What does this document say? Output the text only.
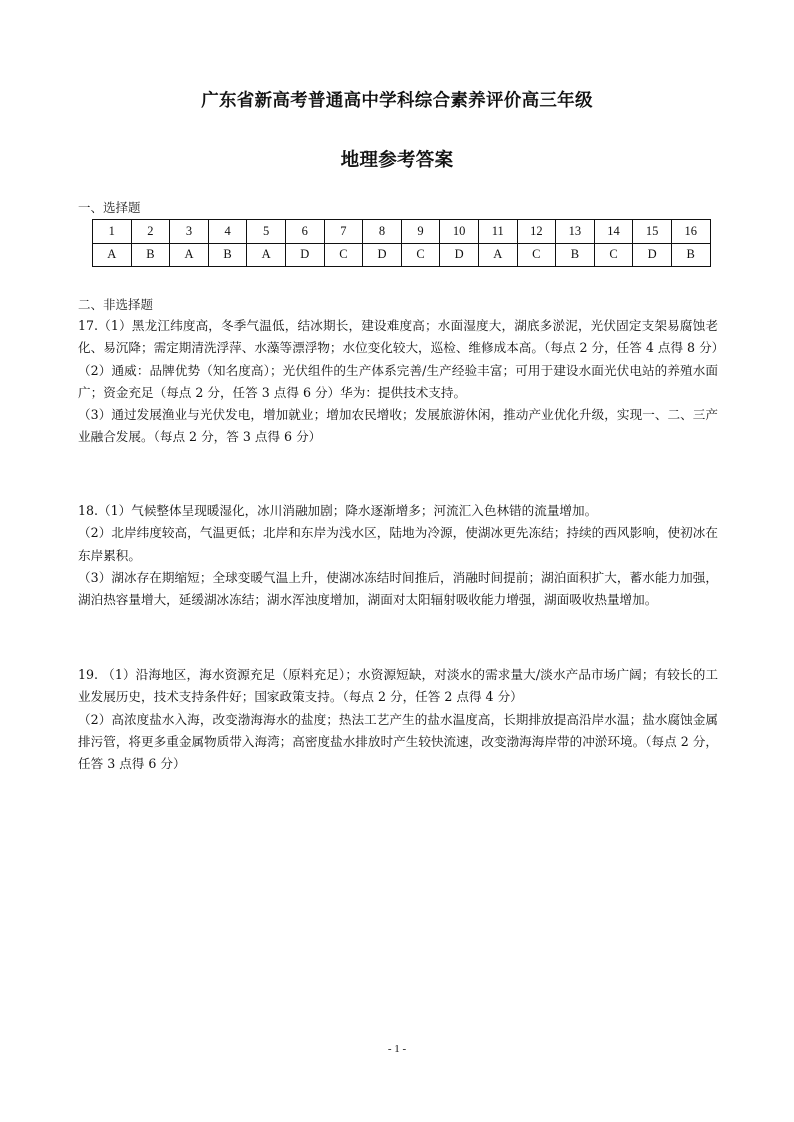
广东省新高考普通高中学科综合素养评价高三年级
地理参考答案
一、选择题
1	2	3	4	5	6	7	8	9	10	11	12	13	14	15	16
A	B	A	B	A	D	C	D	C	D	A	C	B	C	D	B
二、非选择题

17.（1）黑龙江纬度高，冬季气温低，结冰期长，建设难度高；水面湿度大，湖底多淤泥，光伏固定支架易腐蚀老化、易沉降；需定期清洗浮萍、水藻等漂浮物；水位变化较大，巡检、维修成本高。（每点 2 分，任答 4 点得 8 分）

（2）通威：品牌优势（知名度高）；光伏组件的生产体系完善/生产经验丰富；可用于建设水面光伏电站的养殖水面广；资金充足（每点 2 分，任答 3 点得 6 分）华为：提供技术支持。

（3）通过发展渔业与光伏发电，增加就业；增加农民增收；发展旅游休闲，推动产业优化升级，实现一、二、三产业融合发展。（每点 2 分，答 3 点得 6 分）

18.（1）气候整体呈现暖湿化，冰川消融加剧；降水逐渐增多；河流汇入色林错的流量增加。

（2）北岸纬度较高，气温更低；北岸和东岸为浅水区，陆地为冷源，使湖冰更先冻结；持续的西风影响，使初冰在东岸累积。

（3）湖冰存在期缩短；全球变暖气温上升，使湖冰冻结时间推后，消融时间提前；湖泊面积扩大，蓄水能力加强，湖泊热容量增大，延缓湖冰冻结；湖水浑浊度增加，湖面对太阳辐射吸收能力增强，湖面吸收热量增加。

19. （1）沿海地区，海水资源充足（原料充足）；水资源短缺，对淡水的需求量大/淡水产品市场广阔；有较长的工业发展历史，技术支持条件好；国家政策支持。（每点 2 分，任答 2 点得 4 分）

（2）高浓度盐水入海，改变渤海海水的盐度；热法工艺产生的盐水温度高，长期排放提高沿岸水温；盐水腐蚀金属排污管，将更多重金属物质带入海湾；高密度盐水排放时产生较快流速，改变渤海海岸带的冲淤环境。（每点 2 分，任答 3 点得 6 分）

- 1 -
